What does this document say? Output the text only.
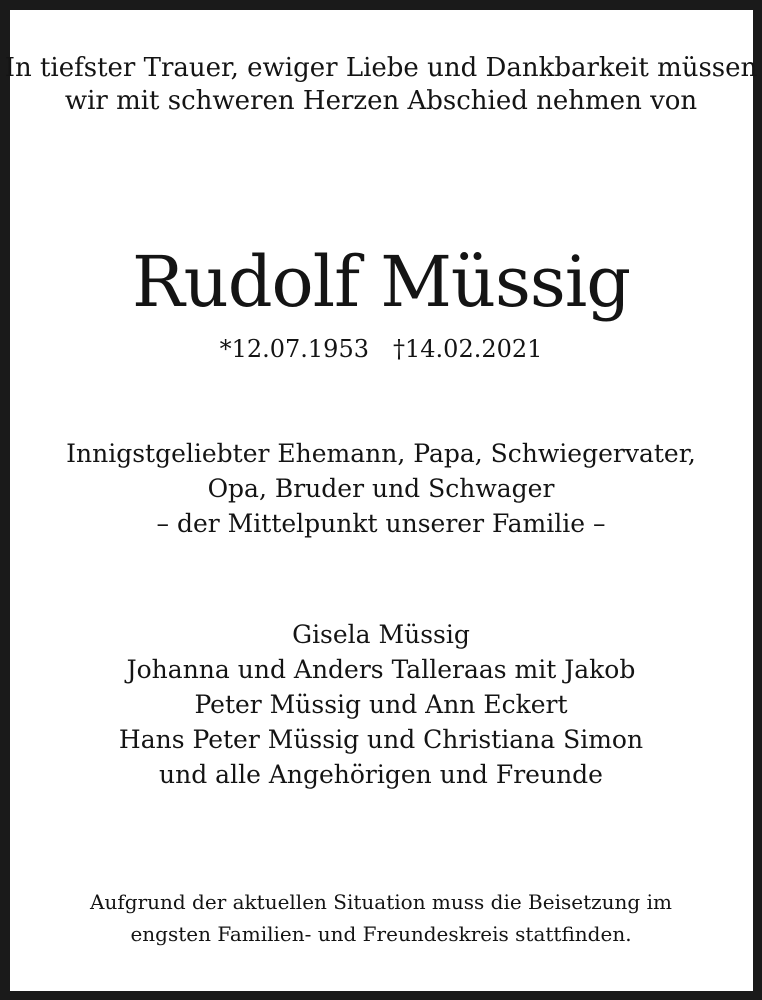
In tiefster Trauer, ewiger Liebe und Dankbarkeit müssen

wir mit schweren Herzen Abschied nehmen von

Rudolf Müssig

*12.07.1953 †14.02.2021

Innigstgeliebter Ehemann, Papa, Schwiegervater,

Opa, Bruder und Schwager

– der Mittelpunkt unserer Familie –

Gisela Müssig

Johanna und Anders Talleraas mit Jakob

Peter Müssig und Ann Eckert

Hans Peter Müssig und Christiana Simon

und alle Angehörigen und Freunde

Aufgrund der aktuellen Situation muss die Beisetzung im

engsten Familien- und Freundeskreis stattfinden.
